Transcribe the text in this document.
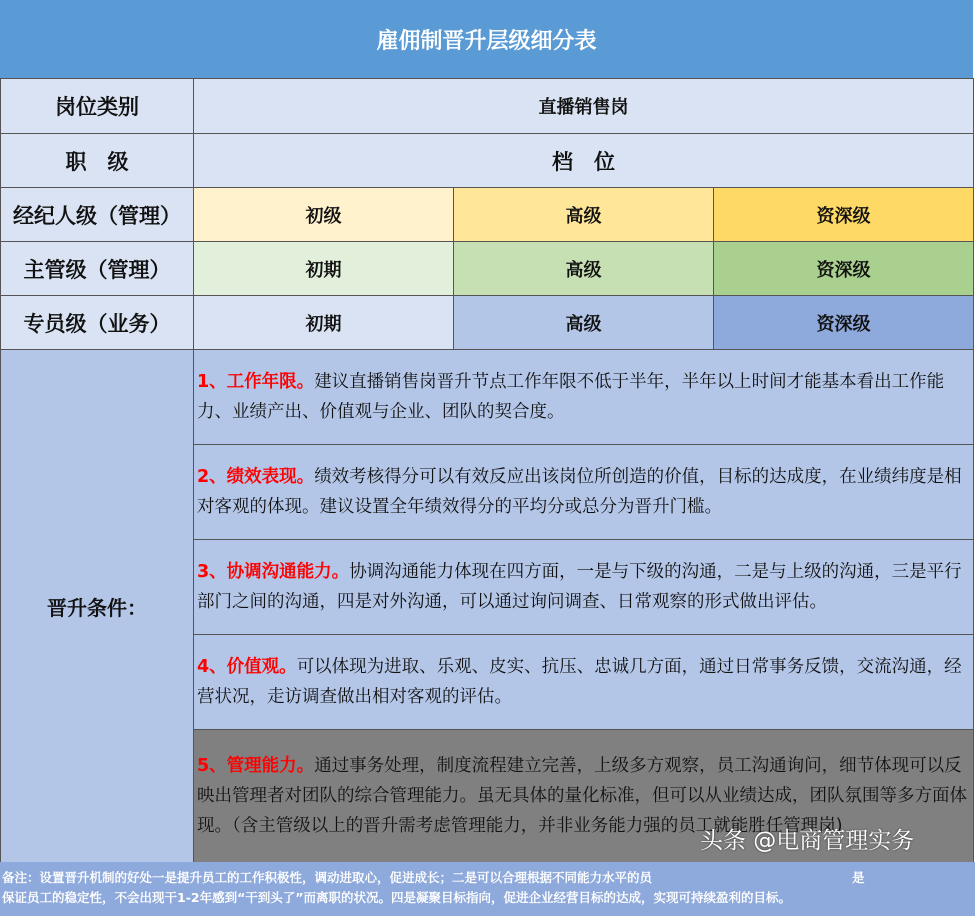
雇佣制晋升层级细分表
岗位类别	直播销售岗
职　级	档　位
经纪人级（管理）	初级	高级	资深级
主管级（管理）	初期	高级	资深级
专员级（业务）	初期	高级	资深级
晋升条件：
1、工作年限。建议直播销售岗晋升节点工作年限不低于半年，半年以上时间才能基本看出工作能力、业绩产出、价值观与企业、团队的契合度。
2、绩效表现。绩效考核得分可以有效反应出该岗位所创造的价值，目标的达成度，在业绩纬度是相对客观的体现。建议设置全年绩效得分的平均分或总分为晋升门槛。
3、协调沟通能力。协调沟通能力体现在四方面，一是与下级的沟通，二是与上级的沟通，三是平行部门之间的沟通，四是对外沟通，可以通过询问调查、日常观察的形式做出评估。
4、价值观。可以体现为进取、乐观、皮实、抗压、忠诚几方面，通过日常事务反馈，交流沟通，经营状况，走访调查做出相对客观的评估。
5、管理能力。通过事务处理，制度流程建立完善，上级多方观察，员工沟通询问，细节体现可以反映出管理者对团队的综合管理能力。虽无具体的量化标准，但可以从业绩达成，团队氛围等多方面体现。（含主管级以上的晋升需考虑管理能力，并非业务能力强的员工就能胜任管理岗)
备注：设置晋升机制的好处一是提升员工的工作积极性，调动进取心，促进成长；二是可以合理根据不同能力水平的员	是
保证员工的稳定性，不会出现干1-2年感到“干到头了”而离职的状况。四是凝聚目标指向，促进企业经营目标的达成，实现可持续盈利的目标。
头条 @电商管理实务
